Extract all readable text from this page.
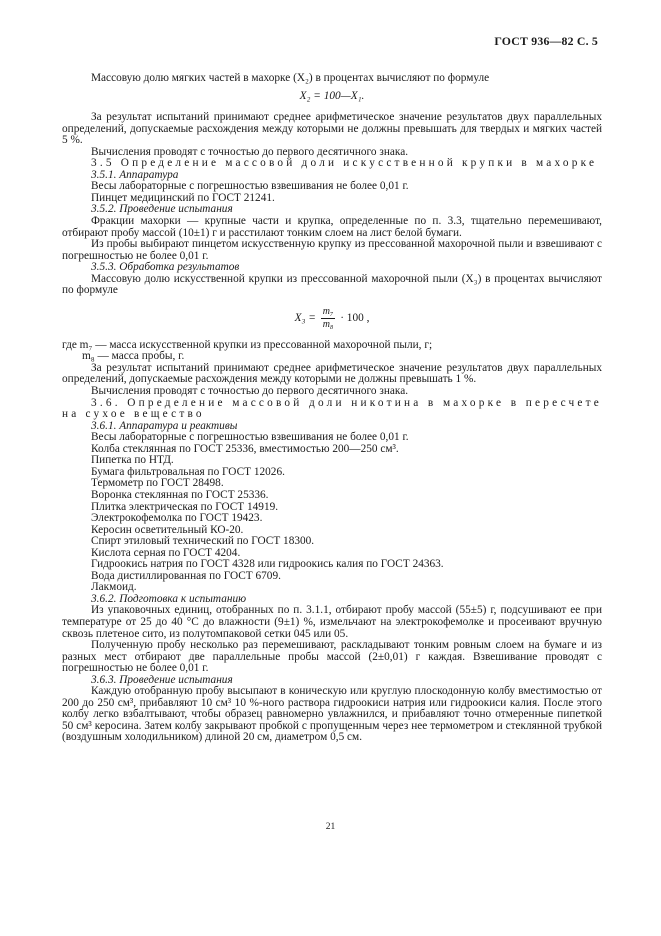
ГОСТ 936—82 С. 5

Массовую долю мягких частей в махорке (X₂) в процентах вычисляют по формуле

X₂ = 100—X₁.

За результат испытаний принимают среднее арифметическое значение результатов двух параллельных определений, допускаемые расхождения между которыми не должны превышать для твердых и мягких частей 5 %.

Вычисления проводят с точностью до первого десятичного знака.

3.5 Определение массовой доли искусственной крупки в махорке

3.5.1. Аппаратура

Весы лабораторные с погрешностью взвешивания не более 0,01 г.

Пинцет медицинский по ГОСТ 21241.

3.5.2. Проведение испытания

Фракции махорки — крупные части и крупка, определенные по п. 3.3, тщательно перемешивают, отбирают пробу массой (10±1) г и расстилают тонким слоем на лист белой бумаги.

Из пробы выбирают пинцетом искусственную крупку из прессованной махорочной пыли и взвешивают с погрешностью не более 0,01 г.

3.5.3. Обработка результатов

Массовую долю искусственной крупки из прессованной махорочной пыли (X₃) в процентах вычисляют по формуле

$X_3 = \frac{\text{m₇}}{\text{m₈}} \cdot 100$ ,

где m₇ — масса искусственной крупки из прессованной махорочной пыли, г;

m₈ — масса пробы, г.

За результат испытаний принимают среднее арифметическое значение результатов двух параллельных определений, допускаемые расхождения между которыми не должны превышать 1 %.

Вычисления проводят с точностью до первого десятичного знака.

3.6. Определение массовой доли никотина в махорке в пересчете на сухое вещество

3.6.1. Аппаратура и реактивы

Весы лабораторные с погрешностью взвешивания не более 0,01 г.

Колба стеклянная по ГОСТ 25336, вместимостью 200—250 см³.

Пипетка по НТД.

Бумага фильтровальная по ГОСТ 12026.

Термометр по ГОСТ 28498.

Воронка стеклянная по ГОСТ 25336.

Плитка электрическая по ГОСТ 14919.

Электрокофемолка по ГОСТ 19423.

Керосин осветительный КО-20.

Спирт этиловый технический по ГОСТ 18300.

Кислота серная по ГОСТ 4204.

Гидроокись натрия по ГОСТ 4328 или гидроокись калия по ГОСТ 24363.

Вода дистиллированная по ГОСТ 6709.

Лакмоид.

3.6.2. Подготовка к испытанию

Из упаковочных единиц, отобранных по п. 3.1.1, отбирают пробу массой (55±5) г, подсушивают ее при температуре от 25 до 40 °С до влажности (9±1) %, измельчают на электрокофемолке и просеивают вручную сквозь плетеное сито, из полутомпаковой сетки 045 или 05.

Полученную пробу несколько раз перемешивают, раскладывают тонким ровным слоем на бумаге и из разных мест отбирают две параллельные пробы массой (2±0,01) г каждая. Взвешивание проводят с погрешностью не более 0,01 г.

3.6.3. Проведение испытания

Каждую отобранную пробу высыпают в коническую или круглую плоскодонную колбу вместимостью от 200 до 250 см³, прибавляют 10 см³ 10 %-ного раствора гидроокиси натрия или гидроокиси калия. После этого колбу легко взбалтывают, чтобы образец равномерно увлажнился, и прибавляют точно отмеренные пипеткой 50 см³ керосина. Затем колбу закрывают пробкой с пропущенным через нее термометром и стеклянной трубкой (воздушным холодильником) длиной 20 см, диаметром 0,5 см.

21
